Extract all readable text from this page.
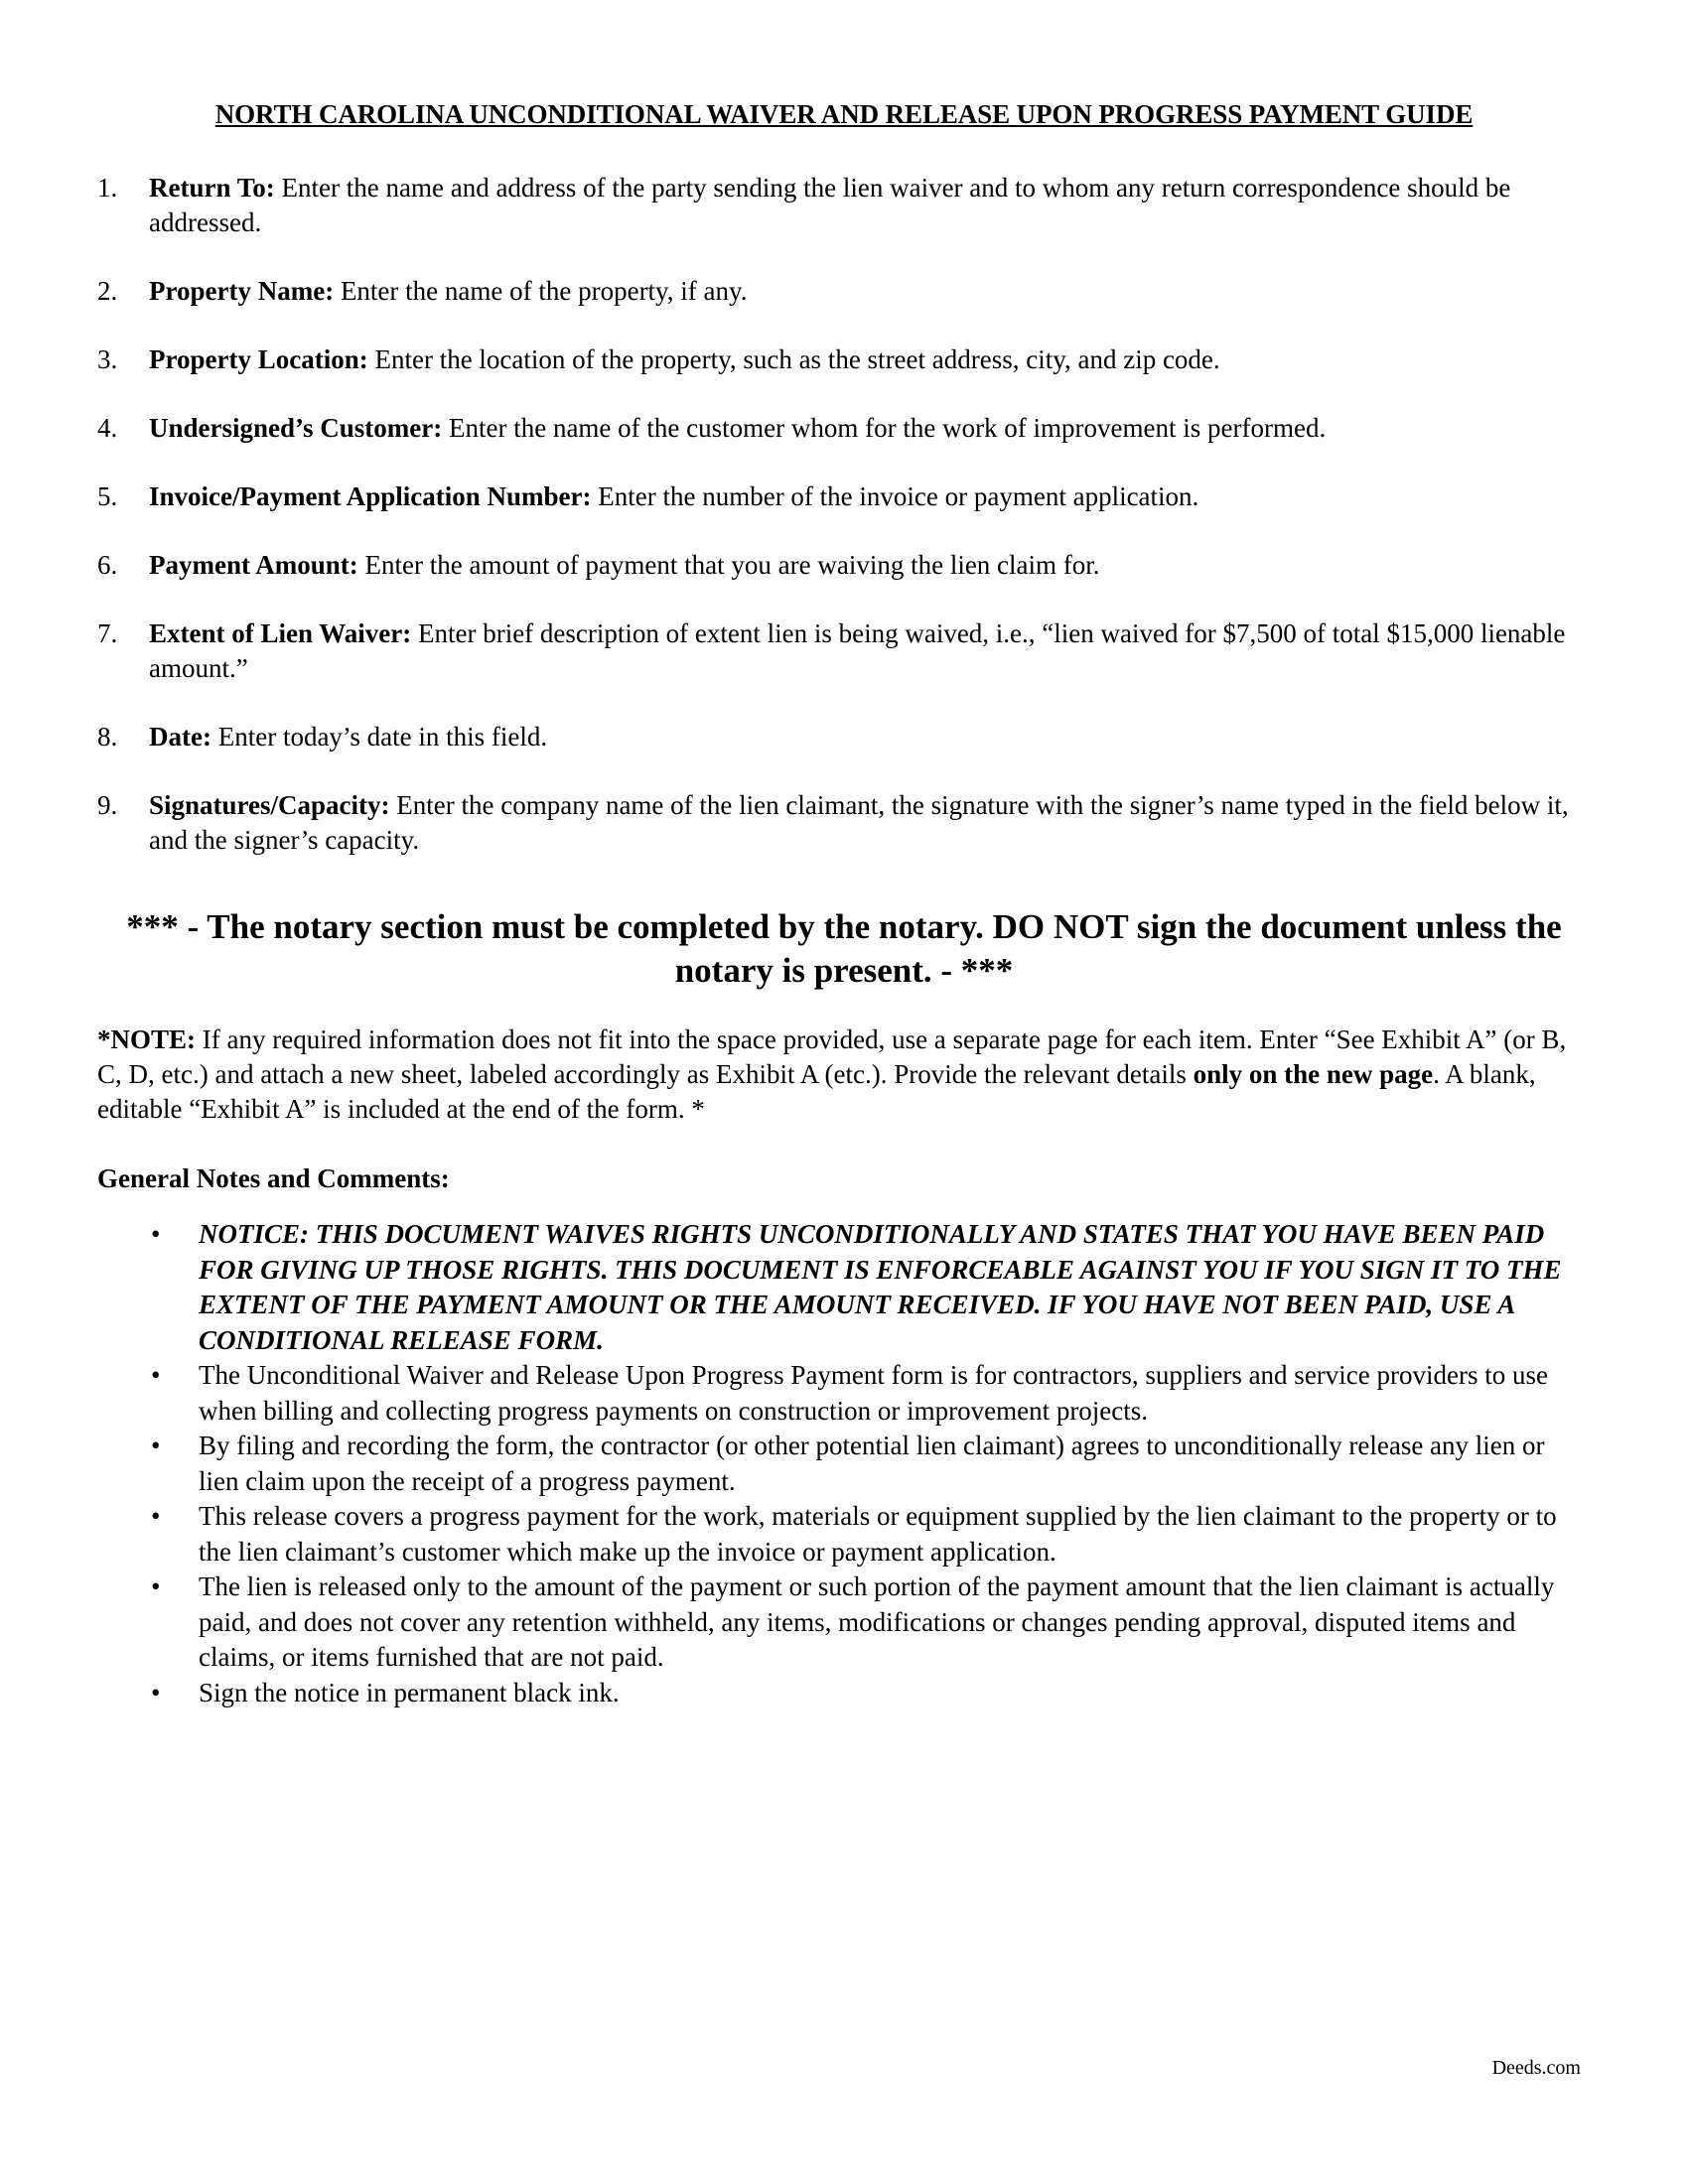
NORTH CAROLINA UNCONDITIONAL WAIVER AND RELEASE UPON PROGRESS PAYMENT GUIDE
1. Return To: Enter the name and address of the party sending the lien waiver and to whom any return correspondence should be addressed.
2. Property Name: Enter the name of the property, if any.
3. Property Location: Enter the location of the property, such as the street address, city, and zip code.
4. Undersigned’s Customer: Enter the name of the customer whom for the work of improvement is performed.
5. Invoice/Payment Application Number: Enter the number of the invoice or payment application.
6. Payment Amount: Enter the amount of payment that you are waiving the lien claim for.
7. Extent of Lien Waiver: Enter brief description of extent lien is being waived, i.e., “lien waived for $7,500 of total $15,000 lienable amount.”
8. Date: Enter today’s date in this field.
9. Signatures/Capacity: Enter the company name of the lien claimant, the signature with the signer’s name typed in the field below it, and the signer’s capacity.
*** - The notary section must be completed by the notary. DO NOT sign the document unless the notary is present. - ***
*NOTE: If any required information does not fit into the space provided, use a separate page for each item. Enter “See Exhibit A” (or B, C, D, etc.) and attach a new sheet, labeled accordingly as Exhibit A (etc.). Provide the relevant details only on the new page. A blank, editable “Exhibit A” is included at the end of the form. *
General Notes and Comments:
• NOTICE: THIS DOCUMENT WAIVES RIGHTS UNCONDITIONALLY AND STATES THAT YOU HAVE BEEN PAID FOR GIVING UP THOSE RIGHTS. THIS DOCUMENT IS ENFORCEABLE AGAINST YOU IF YOU SIGN IT TO THE EXTENT OF THE PAYMENT AMOUNT OR THE AMOUNT RECEIVED. IF YOU HAVE NOT BEEN PAID, USE A CONDITIONAL RELEASE FORM.
• The Unconditional Waiver and Release Upon Progress Payment form is for contractors, suppliers and service providers to use when billing and collecting progress payments on construction or improvement projects.
• By filing and recording the form, the contractor (or other potential lien claimant) agrees to unconditionally release any lien or lien claim upon the receipt of a progress payment.
• This release covers a progress payment for the work, materials or equipment supplied by the lien claimant to the property or to the lien claimant’s customer which make up the invoice or payment application.
• The lien is released only to the amount of the payment or such portion of the payment amount that the lien claimant is actually paid, and does not cover any retention withheld, any items, modifications or changes pending approval, disputed items and claims, or items furnished that are not paid.
• Sign the notice in permanent black ink.
Deeds.com
